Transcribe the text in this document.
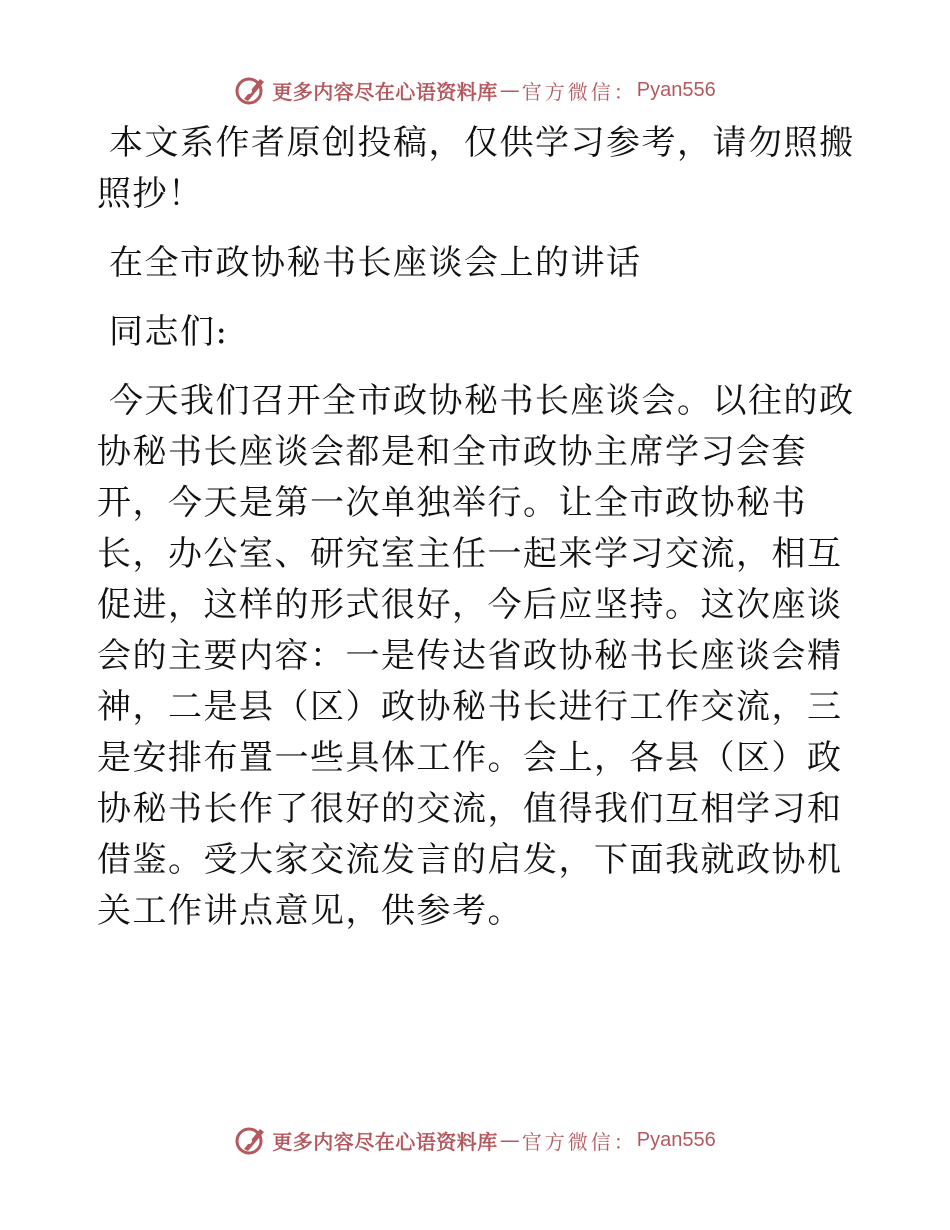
更多内容尽在心语资料库 — 官方微信： Pyan556

本文系作者原创投稿，仅供学习参考，请勿照搬照抄！

在全市政协秘书长座谈会上的讲话

同志们:

今天我们召开全市政协秘书长座谈会。以往的政协秘书长座谈会都是和全市政协主席学习会套开，今天是第一次单独举行。让全市政协秘书长，办公室、研究室主任一起来学习交流，相互促进，这样的形式很好，今后应坚持。这次座谈会的主要内容：一是传达省政协秘书长座谈会精神，二是县（区）政协秘书长进行工作交流，三是安排布置一些具体工作。会上，各县（区）政协秘书长作了很好的交流，值得我们互相学习和借鉴。受大家交流发言的启发，下面我就政协机关工作讲点意见，供参考。

更多内容尽在心语资料库 — 官方微信： Pyan556
